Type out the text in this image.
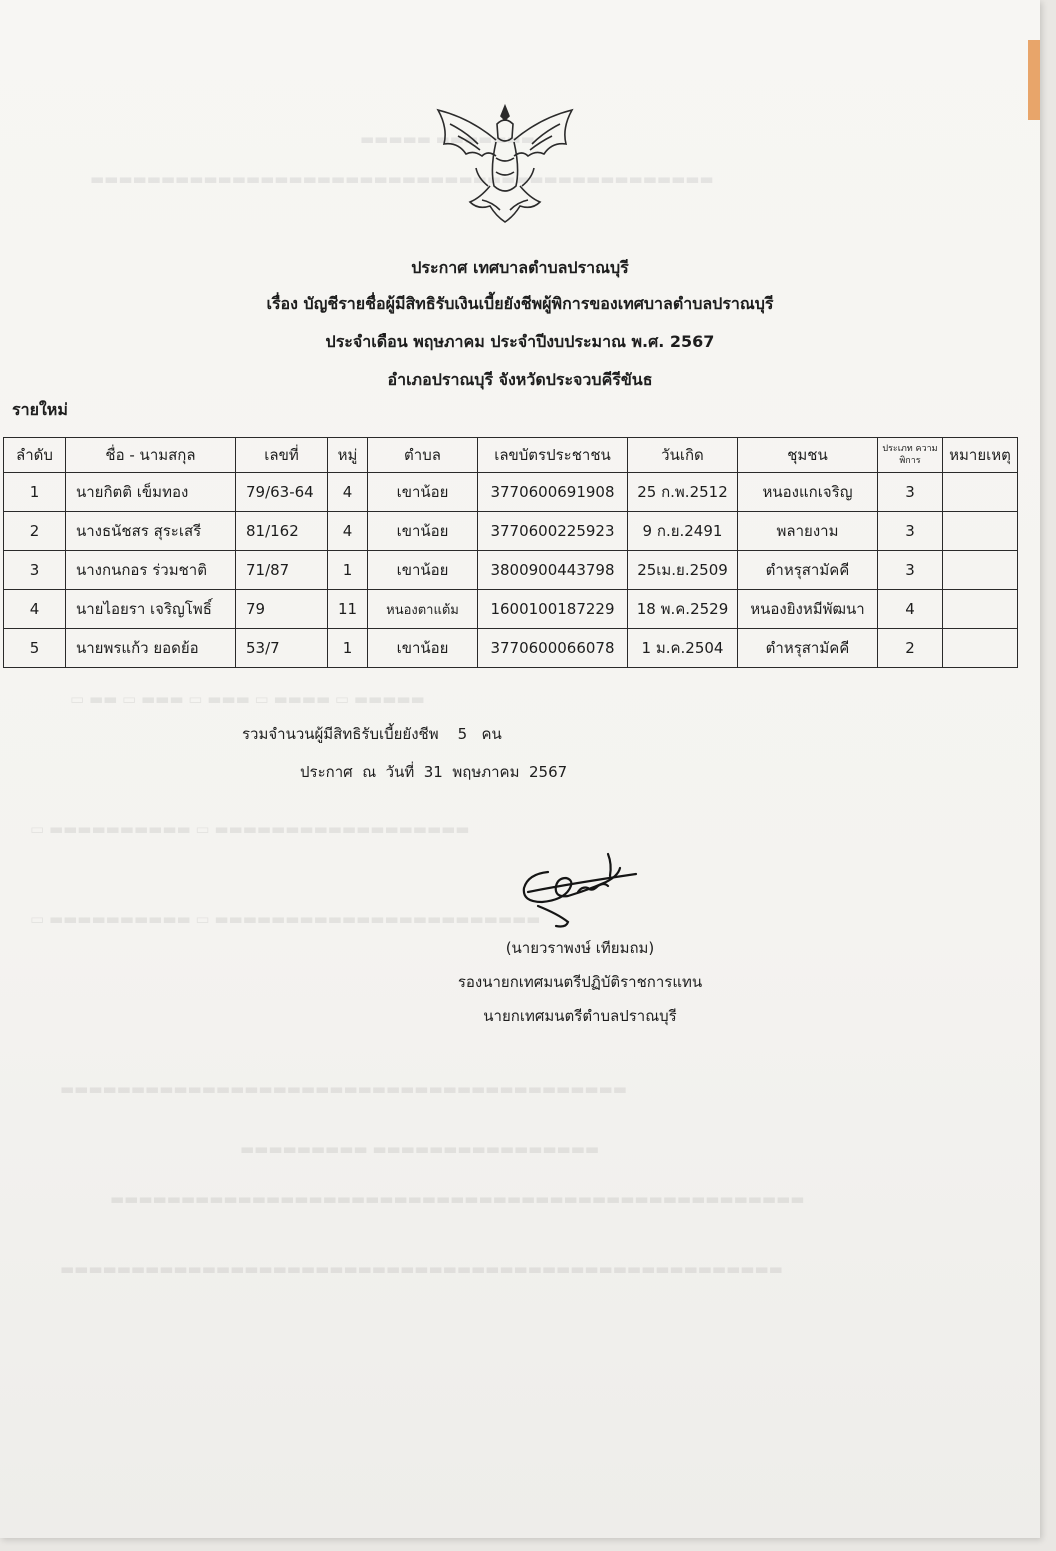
▬▬▬▬▬ ▬▬▬▬▬▬▬
▬▬▬▬▬▬▬▬▬▬▬▬▬▬▬▬▬▬▬▬▬▬▬▬▬▬▬▬▬▬▬▬▬▬▬▬▬▬▬▬▬▬▬▬
▭ ▬▬ ▭ ▬▬▬ ▭ ▬▬▬ ▭ ▬▬▬▬ ▭ ▬▬▬▬▬
▭ ▬▬▬▬▬▬▬▬▬▬ ▭ ▬▬▬▬▬▬▬▬▬▬▬▬▬▬▬▬▬▬
▭ ▬▬▬▬▬▬▬▬▬▬ ▭ ▬▬▬▬▬▬▬▬▬▬▬▬▬▬▬▬▬▬▬▬▬▬▬
▬▬▬▬▬▬▬▬▬▬▬▬▬▬▬▬▬▬▬▬▬▬▬▬▬▬▬▬▬▬▬▬▬▬▬▬▬▬▬▬
▬▬▬▬▬▬▬▬▬ ▬▬▬▬▬▬▬▬▬▬▬▬▬▬▬▬
▬▬▬▬▬▬▬▬▬▬▬▬▬▬▬▬▬▬▬▬▬▬▬▬▬▬▬▬▬▬▬▬▬▬▬▬▬▬▬▬▬▬▬▬▬▬▬▬▬
▬▬▬▬▬▬▬▬▬▬▬▬▬▬▬▬▬▬▬▬▬▬▬▬▬▬▬▬▬▬▬▬▬▬▬▬▬▬▬▬▬▬▬▬▬▬▬▬▬▬▬
ประกาศ เทศบาลตำบลปราณบุรี
เรื่อง บัญชีรายชื่อผู้มีสิทธิรับเงินเบี้ยยังชีพผู้พิการของเทศบาลตำบลปราณบุรี
ประจำเดือน พฤษภาคม ประจำปีงบประมาณ พ.ศ. 2567
อำเภอปราณบุรี จังหวัดประจวบคีรีขันธ
รายใหม่
ลำดับ	ชื่อ - นามสกุล	เลขที่	หมู่	ตำบล	เลขบัตรประชาชน	วันเกิด	ชุมชน	ประเภท ความพิการ	หมายเหตุ
1	นายกิตติ เข็มทอง	79/63-64	4	เขาน้อย	3770600691908	25 ก.พ.2512	หนองแกเจริญ	3	
2	นางธนัชสร สุระเสรี	81/162	4	เขาน้อย	3770600225923	9 ก.ย.2491	พลายงาม	3	
3	นางกนกอร ร่วมชาติ	71/87	1	เขาน้อย	3800900443798	25เม.ย.2509	ตำหรุสามัคคี	3	
4	นายไอยรา เจริญโพธิ์	79	11	หนองตาแต้ม	1600100187229	18 พ.ค.2529	หนองยิงหมีพัฒนา	4	
5	นายพรแก้ว ยอดย้อ	53/7	1	เขาน้อย	3770600066078	1 ม.ค.2504	ตำหรุสามัคคี	2	
รวมจำนวนผู้มีสิทธิรับเบี้ยยังชีพ    5   คน
ประกาศ  ณ  วันที่  31  พฤษภาคม  2567
(นายวราพงษ์ เทียมถม)
รองนายกเทศมนตรีปฏิบัติราชการแทน
นายกเทศมนตรีตำบลปราณบุรี
